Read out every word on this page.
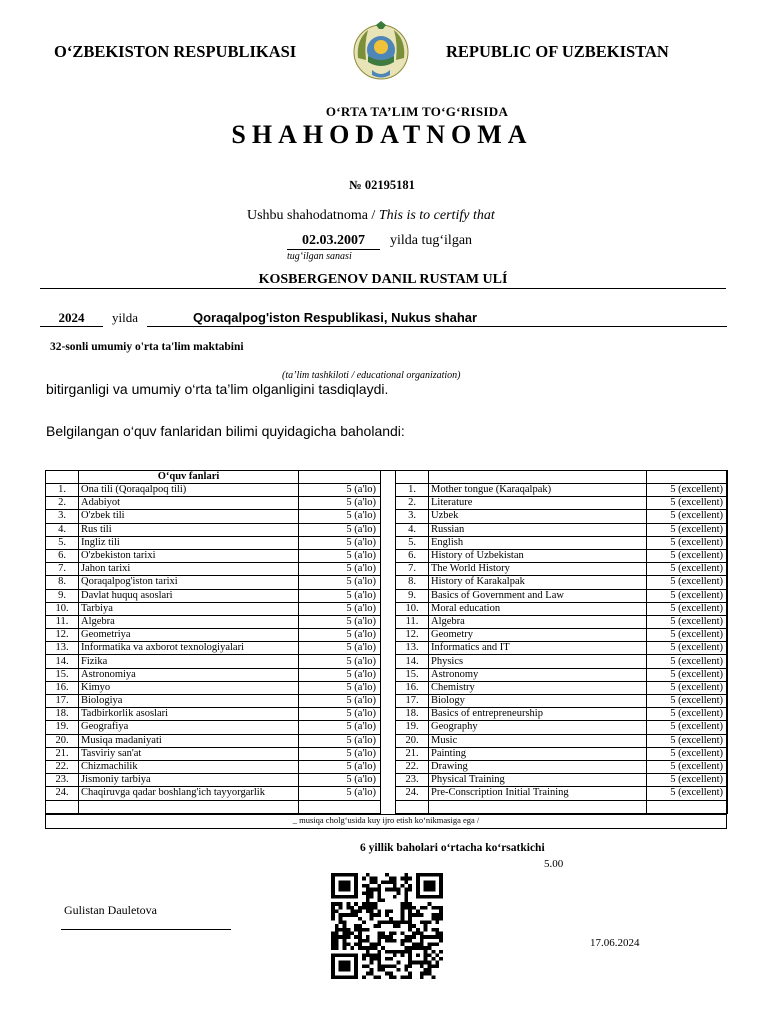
O‘ZBEKISTON RESPUBLIKASI	REPUBLIC OF UZBEKISTAN
O‘RTA TA’LIM TO‘G‘RISIDA
SHAHODATNOMA
№ 02195181
Ushbu shahodatnoma / This is to certify that
02.03.2007	yilda tug‘ilgan
tug‘ilgan sanasi
KOSBERGENOV DANIL RUSTAM ULÍ
2024	yilda	Qoraqalpog'iston Respublikasi, Nukus shahar
32-sonli umumiy o'rta ta'lim maktabini
(ta’lim tashkiloti / educational organization)
bitirganligi va umumiy o‘rta ta’lim olganligini tasdiqlaydi.
Belgilangan o‘quv fanlaridan bilimi quyidagicha baholandi:
	O‘quv fanlari	
1.	Ona tili (Qoraqalpoq tili)	5 (a'lo)
2.	Adabiyot	5 (a'lo)
3.	O'zbek tili	5 (a'lo)
4.	Rus tili	5 (a'lo)
5.	Ingliz tili	5 (a'lo)
6.	O'zbekiston tarixi	5 (a'lo)
7.	Jahon tarixi	5 (a'lo)
8.	Qoraqalpog'iston tarixi	5 (a'lo)
9.	Davlat huquq asoslari	5 (a'lo)
10.	Tarbiya	5 (a'lo)
11.	Algebra	5 (a'lo)
12.	Geometriya	5 (a'lo)
13.	Informatika va axborot texnologiyalari	5 (a'lo)
14.	Fizika	5 (a'lo)
15.	Astronomiya	5 (a'lo)
16.	Kimyo	5 (a'lo)
17.	Biologiya	5 (a'lo)
18.	Tadbirkorlik asoslari	5 (a'lo)
19.	Geografiya	5 (a'lo)
20.	Musiqa madaniyati	5 (a'lo)
21.	Tasviriy san'at	5 (a'lo)
22.	Chizmachilik	5 (a'lo)
23.	Jismoniy tarbiya	5 (a'lo)
24.	Chaqiruvga qadar boshlang'ich tayyorgarlik	5 (a'lo)

1.	Mother tongue (Karaqalpak)	5 (excellent)
2.	Literature	5 (excellent)
3.	Uzbek	5 (excellent)
4.	Russian	5 (excellent)
5.	English	5 (excellent)
6.	History of Uzbekistan	5 (excellent)
7.	The World History	5 (excellent)
8.	History of Karakalpak	5 (excellent)
9.	Basics of Government and Law	5 (excellent)
10.	Moral education	5 (excellent)
11.	Algebra	5 (excellent)
12.	Geometry	5 (excellent)
13.	Informatics and IT	5 (excellent)
14.	Physics	5 (excellent)
15.	Astronomy	5 (excellent)
16.	Chemistry	5 (excellent)
17.	Biology	5 (excellent)
18.	Basics of entrepreneurship	5 (excellent)
19.	Geography	5 (excellent)
20.	Music	5 (excellent)
21.	Painting	5 (excellent)
22.	Drawing	5 (excellent)
23.	Physical Training	5 (excellent)
24.	Pre-Conscription Initial Training	5 (excellent)

_ musiqa cholg‘usida kuy ijro etish ko‘nikmasiga ega /
6 yillik baholari o‘rtacha ko‘rsatkichi
5.00
Gulistan Dauletova
17.06.2024
